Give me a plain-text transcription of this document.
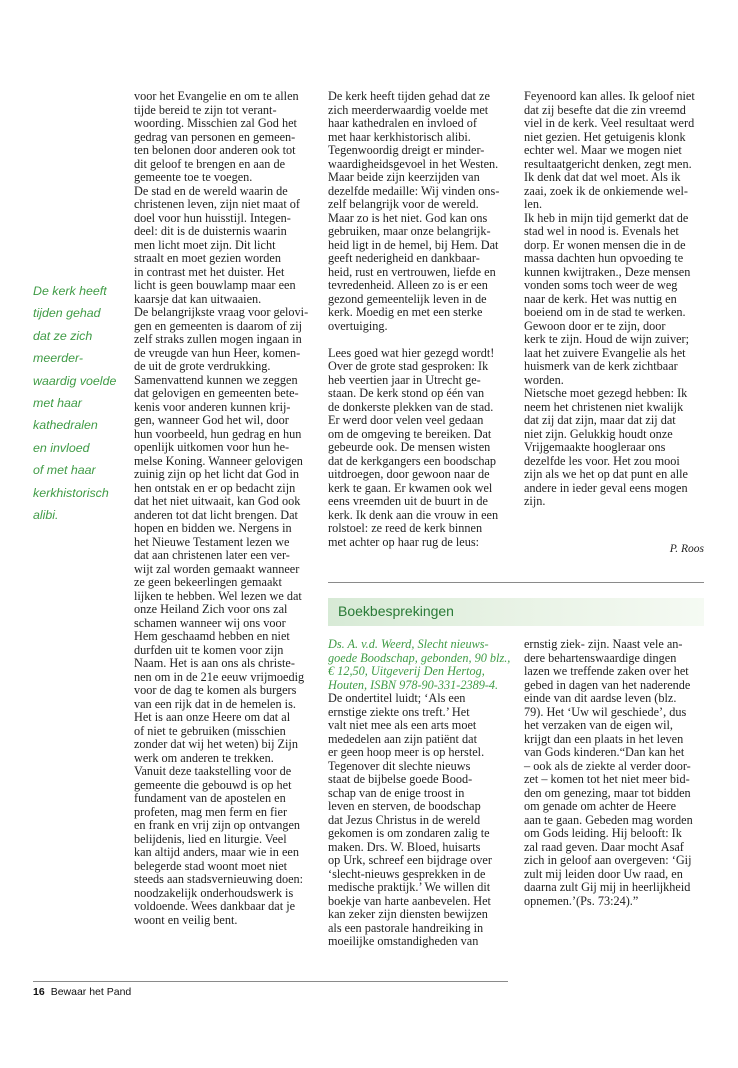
De kerk heeft
tijden gehad
dat ze zich
meerder-
waardig voelde
met haar
kathedralen
en invloed
of met haar
kerkhistorisch
alibi.
voor het Evangelie en om te allen
tijde bereid te zijn tot verant-
woording. Misschien zal God het
gedrag van personen en gemeen-
ten belonen door anderen ook tot
dit geloof te brengen en aan de
gemeente toe te voegen.
De stad en de wereld waarin de
christenen leven, zijn niet maat of
doel voor hun huisstijl. Integen-
deel: dit is de duisternis waarin
men licht moet zijn. Dit licht
straalt en moet gezien worden
in contrast met het duister. Het
licht is geen bouwlamp maar een
kaarsje dat kan uitwaaien.
De belangrijkste vraag voor gelovi-
gen en gemeenten is daarom of zij
zelf straks zullen mogen ingaan in
de vreugde van hun Heer, komen-
de uit de grote verdrukking.
Samenvattend kunnen we zeggen
dat gelovigen en gemeenten bete-
kenis voor anderen kunnen krij-
gen, wanneer God het wil, door
hun voorbeeld, hun gedrag en hun
openlijk uitkomen voor hun he-
melse Koning. Wanneer gelovigen
zuinig zijn op het licht dat God in
hen ontstak en er op bedacht zijn
dat het niet uitwaait, kan God ook
anderen tot dat licht brengen. Dat
hopen en bidden we. Nergens in
het Nieuwe Testament lezen we
dat aan christenen later een ver-
wijt zal worden gemaakt wanneer
ze geen bekeerlingen gemaakt
lijken te hebben. Wel lezen we dat
onze Heiland Zich voor ons zal
schamen wanneer wij ons voor
Hem geschaamd hebben en niet
durfden uit te komen voor zijn
Naam. Het is aan ons als christe-
nen om in de 21e eeuw vrijmoedig
voor de dag te komen als burgers
van een rijk dat in de hemelen is.
Het is aan onze Heere om dat al
of niet te gebruiken (misschien
zonder dat wij het weten) bij Zijn
werk om anderen te trekken.
Vanuit deze taakstelling voor de
gemeente die gebouwd is op het
fundament van de apostelen en
profeten, mag men ferm en fier
en frank en vrij zijn op ontvangen
belijdenis, lied en liturgie. Veel
kan altijd anders, maar wie in een
belegerde stad woont moet niet
steeds aan stadsvernieuwing doen:
noodzakelijk onderhoudswerk is
voldoende. Wees dankbaar dat je
woont en veilig bent.
De kerk heeft tijden gehad dat ze
zich meerderwaardig voelde met
haar kathedralen en invloed of
met haar kerkhistorisch alibi.
Tegenwoordig dreigt er minder-
waardigheidsgevoel in het Westen.
Maar beide zijn keerzijden van
dezelfde medaille: Wij vinden ons-
zelf belangrijk voor de wereld.
Maar zo is het niet. God kan ons
gebruiken, maar onze belangrijk-
heid ligt in de hemel, bij Hem. Dat
geeft nederigheid en dankbaar-
heid, rust en vertrouwen, liefde en
tevredenheid. Alleen zo is er een
gezond gemeentelijk leven in de
kerk. Moedig en met een sterke
overtuiging.
Lees goed wat hier gezegd wordt!
Over de grote stad gesproken: Ik
heb veertien jaar in Utrecht ge-
staan. De kerk stond op één van
de donkerste plekken van de stad.
Er werd door velen veel gedaan
om de omgeving te bereiken. Dat
gebeurde ook. De mensen wisten
dat de kerkgangers een boodschap
uitdroegen, door gewoon naar de
kerk te gaan. Er kwamen ook wel
eens vreemden uit de buurt in de
kerk. Ik denk aan die vrouw in een
rolstoel: ze reed de kerk binnen
met achter op haar rug de leus:
Feyenoord kan alles. Ik geloof niet
dat zij besefte dat die zin vreemd
viel in de kerk. Veel resultaat werd
niet gezien. Het getuigenis klonk
echter wel. Maar we mogen niet
resultaatgericht denken, zegt men.
Ik denk dat dat wel moet. Als ik
zaai, zoek ik de onkiemende wel-
len.
Ik heb in mijn tijd gemerkt dat de
stad wel in nood is. Evenals het
dorp. Er wonen mensen die in de
massa dachten hun opvoeding te
kunnen kwijtraken., Deze mensen
vonden soms toch weer de weg
naar de kerk. Het was nuttig en
boeiend om in de stad te werken.
Gewoon door er te zijn, door
kerk te zijn. Houd de wijn zuiver;
laat het zuivere Evangelie als het
huismerk van de kerk zichtbaar
worden.
Nietsche moet gezegd hebben: Ik
neem het christenen niet kwalijk
dat zij dat zijn, maar dat zij dat
niet zijn. Gelukkig houdt onze
Vrijgemaakte hoogleraar ons
dezelfde les voor. Het zou mooi
zijn als we het op dat punt en alle
andere in ieder geval eens mogen
zijn.
P. Roos
Boekbesprekingen
Ds. A. v.d. Weerd, Slecht nieuws-
goede Boodschap, gebonden, 90 blz.,
€ 12,50, Uitgeverij Den Hertog,
Houten, ISBN 978-90-331-2389-4.
De ondertitel luidt; ‘Als een
ernstige ziekte ons treft.’ Het
valt niet mee als een arts moet
mededelen aan zijn patiënt dat
er geen hoop meer is op herstel.
Tegenover dit slechte nieuws
staat de bijbelse goede Bood-
schap van de enige troost in
leven en sterven, de boodschap
dat Jezus Christus in de wereld
gekomen is om zondaren zalig te
maken. Drs. W. Bloed, huisarts
op Urk, schreef een bijdrage over
‘slecht-nieuws gesprekken in de
medische praktijk.’ We willen dit
boekje van harte aanbevelen. Het
kan zeker zijn diensten bewijzen
als een pastorale handreiking in
moeilijke omstandigheden van
ernstig ziek- zijn. Naast vele an-
dere behartenswaardige dingen
lazen we treffende zaken over het
gebed in dagen van het naderende
einde van dit aardse leven (blz.
79). Het ‘Uw wil geschiede’, dus
het verzaken van de eigen wil,
krijgt dan een plaats in het leven
van Gods kinderen.“Dan kan het
– ook als de ziekte al verder door-
zet – komen tot het niet meer bid-
den om genezing, maar tot bidden
om genade om achter de Heere
aan te gaan. Gebeden mag worden
om Gods leiding. Hij belooft: Ik
zal raad geven. Daar mocht Asaf
zich in geloof aan overgeven: ‘Gij
zult mij leiden door Uw raad, en
daarna zult Gij mij in heerlijkheid
opnemen.’(Ps. 73:24).”
16 Bewaar het Pand
